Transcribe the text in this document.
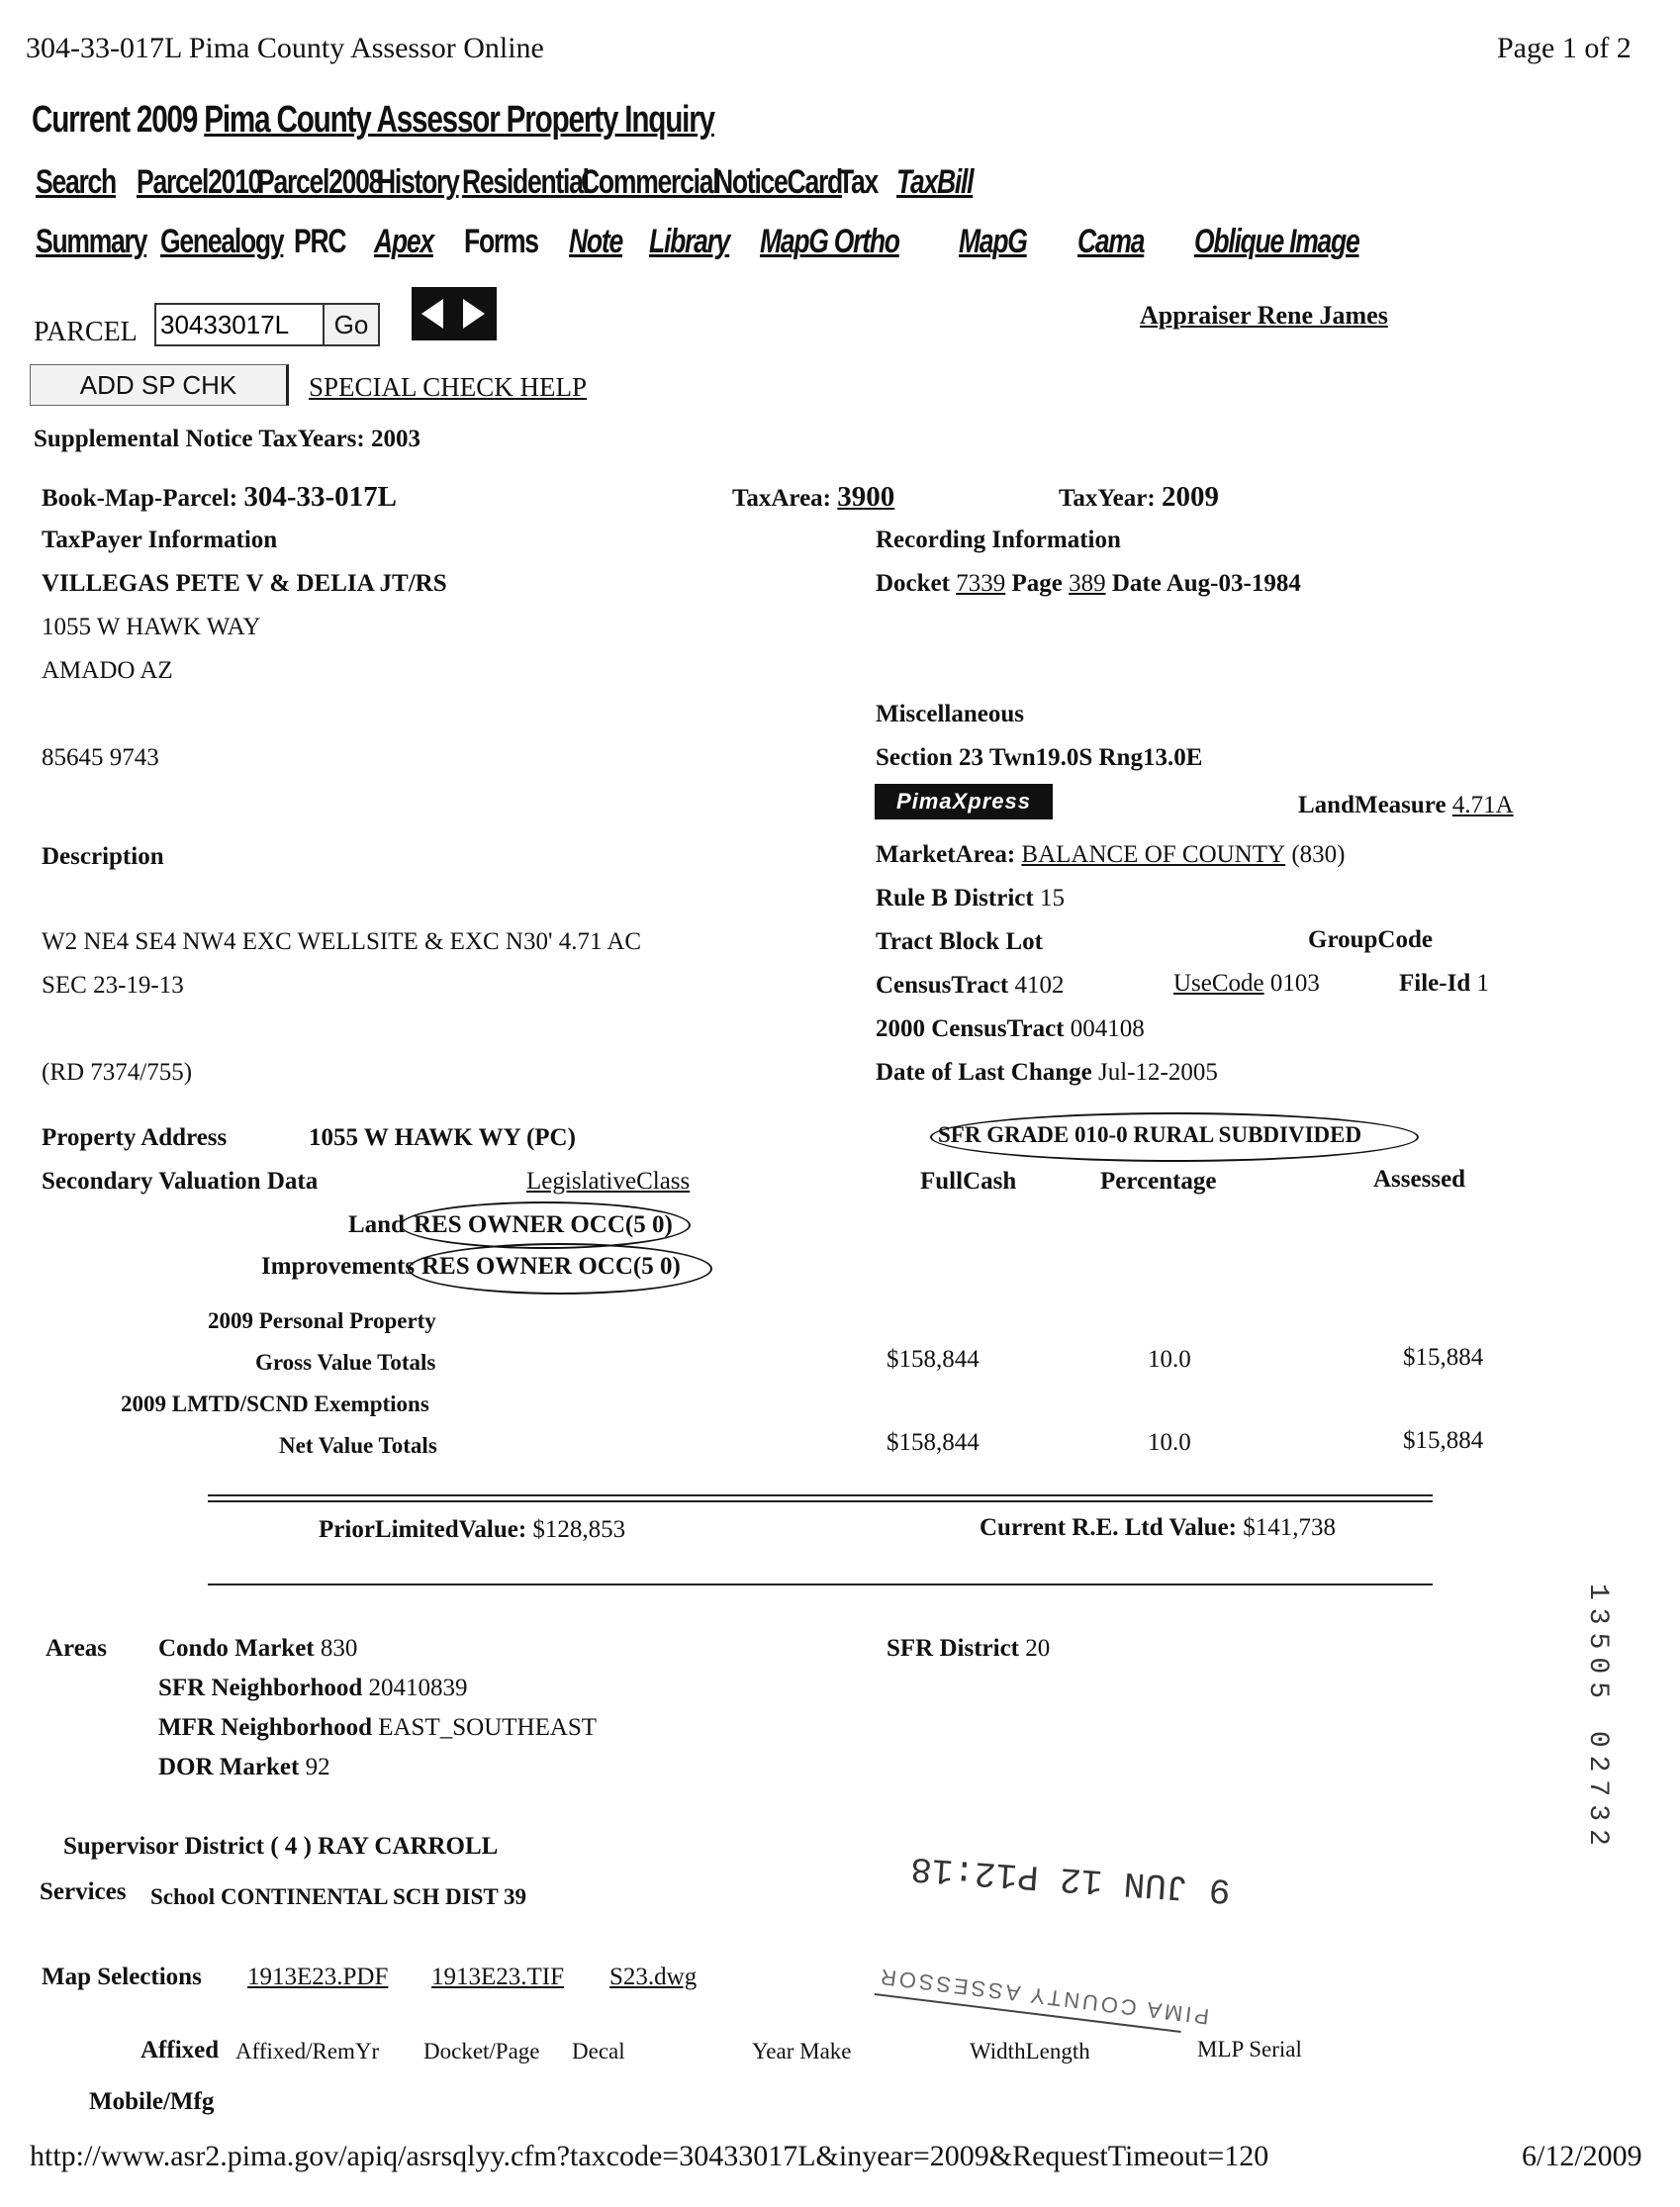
304-33-017L Pima County Assessor Online	Page 1 of 2
Current 2009 Pima County Assessor Property Inquiry
Search Parcel2010
Parcel2008
History Residential
Commercial
NoticeCard
Tax TaxBill
Summary Genealogy PRC Apex Forms Note Library MapG Ortho MapG Cama Oblique Image
PARCEL
30433017L	Go	Appraiser Rene James
ADD SP CHK	SPECIAL CHECK HELP
Supplemental Notice TaxYears: 2003
Book-Map-Parcel: 304-33-017L	TaxArea: 3900	TaxYear: 2009
TaxPayer Information
VILLEGAS PETE V & DELIA JT/RS
1055 W HAWK WAY
AMADO AZ
85645 9743
Recording Information
Docket 7339 Page 389 Date Aug-03-1984
Miscellaneous
Section 23 Twn19.0S Rng13.0E
PimaXpress	LandMeasure 4.71A
Description	MarketArea: BALANCE OF COUNTY (830)
Rule B District 15
Tract Block Lot	GroupCode
CensusTract 4102	UseCode 0103	File-Id 1
2000 CensusTract 004108
Date of Last Change Jul-12-2005
W2 NE4 SE4 NW4 EXC WELLSITE & EXC N30' 4.71 AC
SEC 23-19-13
(RD 7374/755)
Property Address	1055 W HAWK WY (PC)	SFR GRADE 010-0 RURAL SUBDIVIDED
Secondary Valuation Data	LegislativeClass	FullCash	Percentage	Assessed
Land RES OWNER OCC(5 0)
Improvements RES OWNER OCC(5 0)
2009 Personal Property
Gross Value Totals	$158,844	10.0	$15,884
2009 LMTD/SCND Exemptions
Net Value Totals	$158,844	10.0	$15,884
PriorLimitedValue: $128,853	Current R.E. Ltd Value: $141,738
Areas Condo Market 830
SFR Neighborhood 20410839
MFR Neighborhood EAST_SOUTHEAST
DOR Market 92
SFR District 20
Supervisor District ( 4 ) RAY CARROLL
Services School CONTINENTAL SCH DIST 39
Map Selections 1913E23.PDF 1913E23.TIF S23.dwg
Affixed Affixed/RemYr Docket/Page Decal	Year Make	WidthLength	MLP Serial
Mobile/Mfg
9 JUN 12 P12:18
PIMA COUNTY ASSESSOR
13505 02732
http://www.asr2.pima.gov/apiq/asrsqlyy.cfm?taxcode=30433017L&inyear=2009&RequestTimeout=120	6/12/2009
